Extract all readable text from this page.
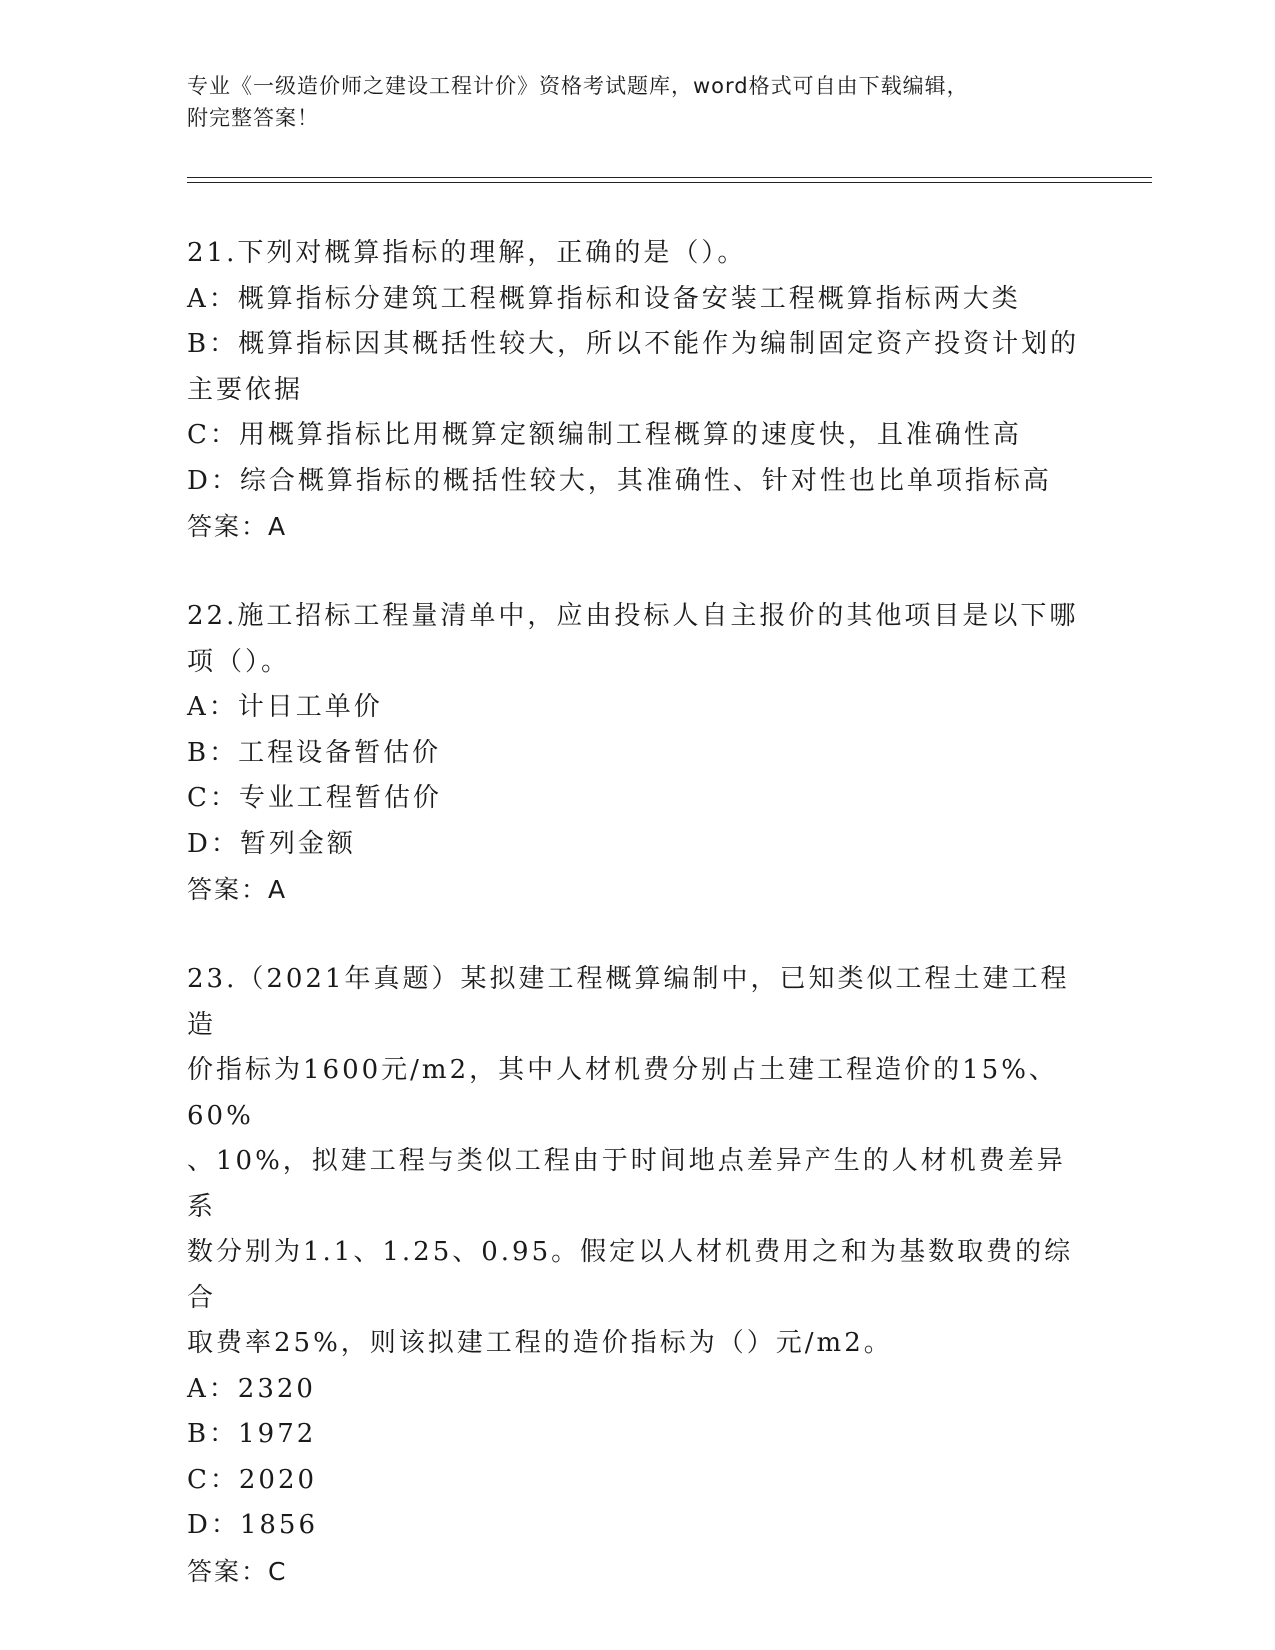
专业《一级造价师之建设工程计价》资格考试题库，word格式可自由下载编辑，
附完整答案！
21.下列对概算指标的理解，正确的是（）。
A：概算指标分建筑工程概算指标和设备安装工程概算指标两大类
B：概算指标因其概括性较大，所以不能作为编制固定资产投资计划的
主要依据
C：用概算指标比用概算定额编制工程概算的速度快，且准确性高
D：综合概算指标的概括性较大，其准确性、针对性也比单项指标高
答案：A
22.施工招标工程量清单中，应由投标人自主报价的其他项目是以下哪
项（）。
A：计日工单价
B：工程设备暂估价
C：专业工程暂估价
D：暂列金额
答案：A
23.（2021年真题）某拟建工程概算编制中，已知类似工程土建工程造
价指标为1600元/m2，其中人材机费分别占土建工程造价的15%、60%
、10%，拟建工程与类似工程由于时间地点差异产生的人材机费差异系
数分别为1.1、1.25、0.95。假定以人材机费用之和为基数取费的综合
取费率25%，则该拟建工程的造价指标为（）元/m2。
A：2320
B：1972
C：2020
D：1856
答案：C
